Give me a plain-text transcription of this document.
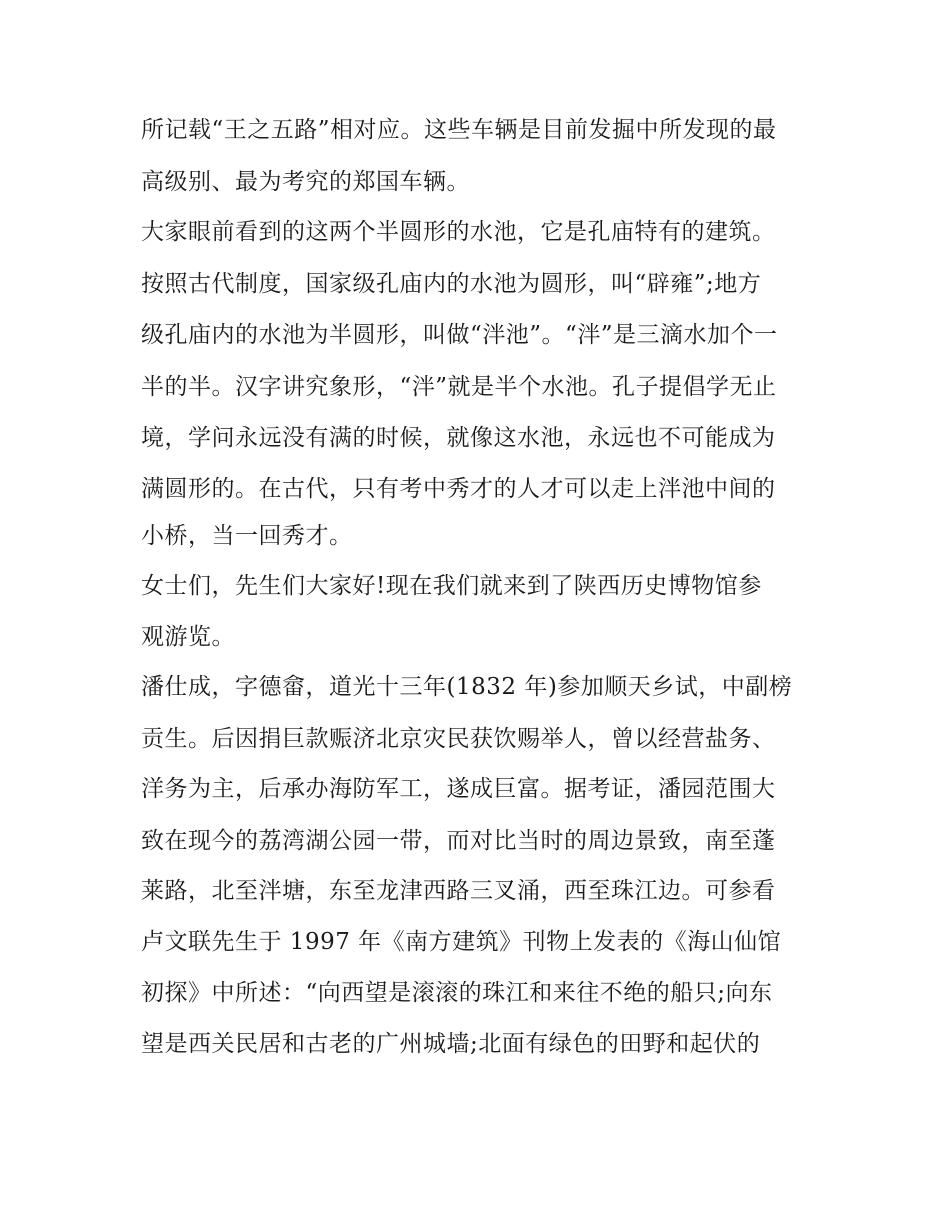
所记载“王之五路”相对应。这些车辆是目前发掘中所发现的最
高级别、最为考究的郑国车辆。
大家眼前看到的这两个半圆形的水池，它是孔庙特有的建筑。
按照古代制度，国家级孔庙内的水池为圆形，叫“辟雍”;地方
级孔庙内的水池为半圆形，叫做“泮池”。“泮”是三滴水加个一
半的半。汉字讲究象形，“泮”就是半个水池。孔子提倡学无止
境，学问永远没有满的时候，就像这水池，永远也不可能成为
满圆形的。在古代，只有考中秀才的人才可以走上泮池中间的
小桥，当一回秀才。
女士们，先生们大家好!现在我们就来到了陕西历史博物馆参
观游览。
潘仕成，字德畲，道光十三年(1832 年)参加顺天乡试，中副榜
贡生。后因捐巨款赈济北京灾民获饮赐举人，曾以经营盐务、
洋务为主，后承办海防军工，遂成巨富。据考证，潘园范围大
致在现今的荔湾湖公园一带，而对比当时的周边景致，南至蓬
莱路，北至泮塘，东至龙津西路三叉涌，西至珠江边。可参看
卢文联先生于 1997 年《南方建筑》刊物上发表的《海山仙馆
初探》中所述：“向西望是滚滚的珠江和来往不绝的船只;向东
望是西关民居和古老的广州城墙;北面有绿色的田野和起伏的
